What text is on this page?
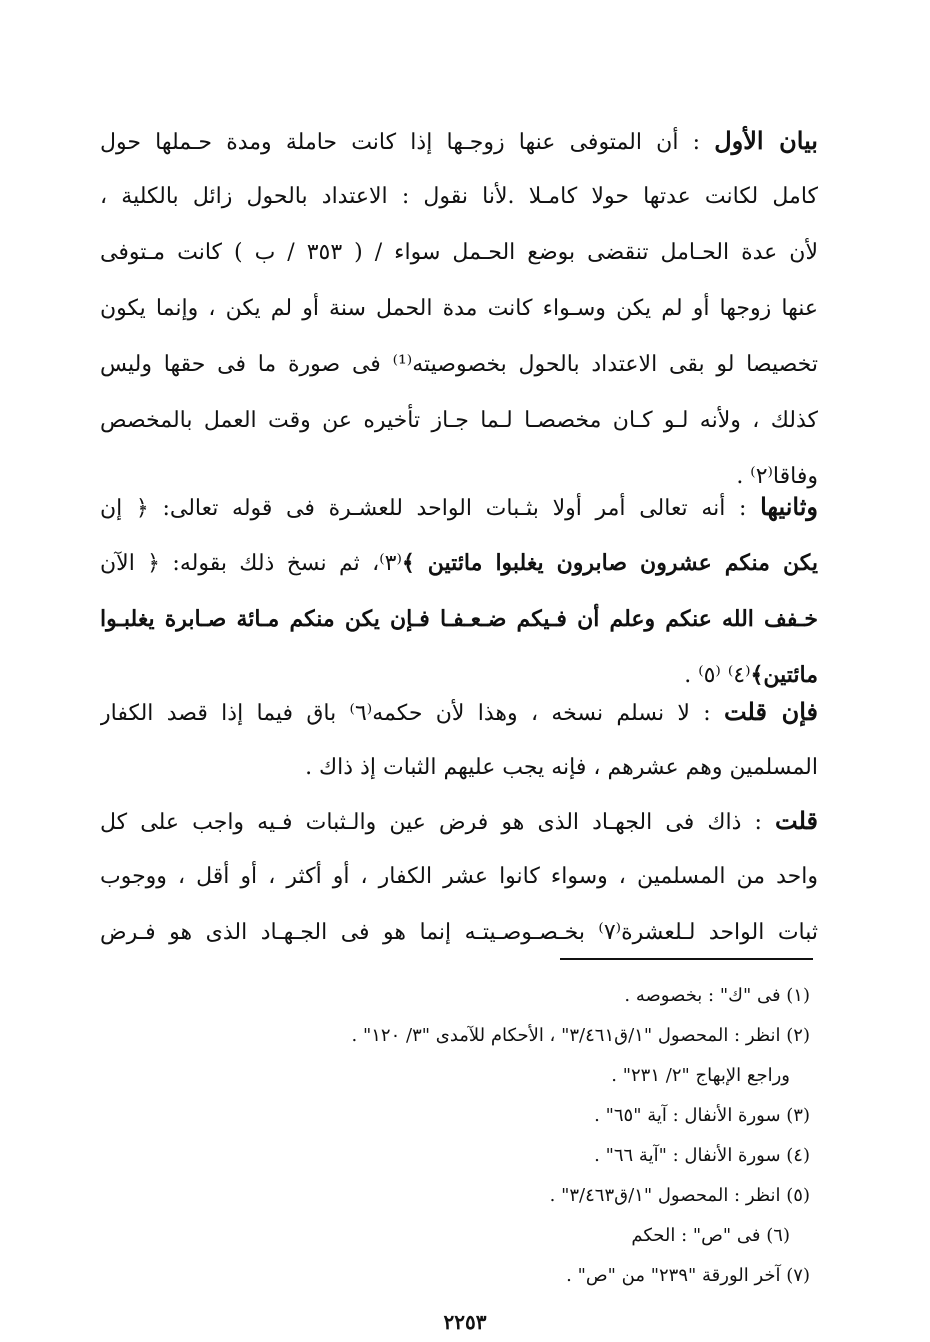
بيان الأول : أن المتوفى عنها زوجـها إذا كانت حاملة ومدة حـملها حول
كامل لكانت عدتها حولا كامـلا .لأنا نقول : الاعتداد بالحول زائل بالكلية ،
لأن عدة الحـامل تنقضى بوضع الحـمل سواء / ( ٣٥٣ / ب ) كانت مـتوفى
عنها زوجها أو لم يكن وسـواء كانت مدة الحمل سنة أو لم يكن ، وإنما يكون
تخصيصا لو بقى الاعتداد بالحول بخصوصيته⁽¹⁾ فى صورة ما فى حقها وليس
كذلك ، ولأنه لـو كـان مخصصـا لـما جـاز تأخيره عن وقت العمل بالمخصص
وفاقا⁽٢⁾ .
وثانيها : أنه تعالى أمر أولا بثـبات الواحد للعشـرة فى قوله تعالى: ﴿ إن
يكن منكم عشرون صابرون يغلبوا مائتين ﴾⁽٣⁾، ثم نسخ ذلك بقوله: ﴿ الآن
خـفف الله عنكم وعلم أن فـيكم ضـعـفـا فـإن يكن منكم مـائة صـابرة يغلبـوا
مائتين﴾⁽٤⁾ ⁽٥⁾ .
فإن قلت : لا نسلم نسخه ، وهذا لأن حكمه⁽٦⁾ باق فيما إذا قصد الكفار
المسلمين وهم عشرهم ، فإنه يجب عليهم الثبات إذ ذاك .
قلت : ذاك فى الجهـاد الذى هو فرض عين والـثبات فـيه واجب على كل
واحد من المسلمين ، وسواء كانوا عشر الكفار ، أو أكثر ، أو أقل ، ووجوب
ثبات الواحد لـلعشرة⁽٧⁾ بخـصـوصـيتـه إنما هو فى الجـهـاد الذى هو فـرض
(١) فى "ك" : بخصوصه .
(٢) انظر : المحصول "١/ق٣/٤٦١" ، الأحكام للآمدى "٣/ ١٢٠" .
وراجع الإبهاج "٢/ ٢٣١" .
(٣) سورة الأنفال : آية "٦٥" .
(٤) سورة الأنفال : "آية ٦٦" .
(٥) انظر : المحصول "١/ق٣/٤٦٣" .
(٦) فى "ص" : الحكم
(٧) آخر الورقة "٢٣٩" من "ص" .
٢٢٥٣
